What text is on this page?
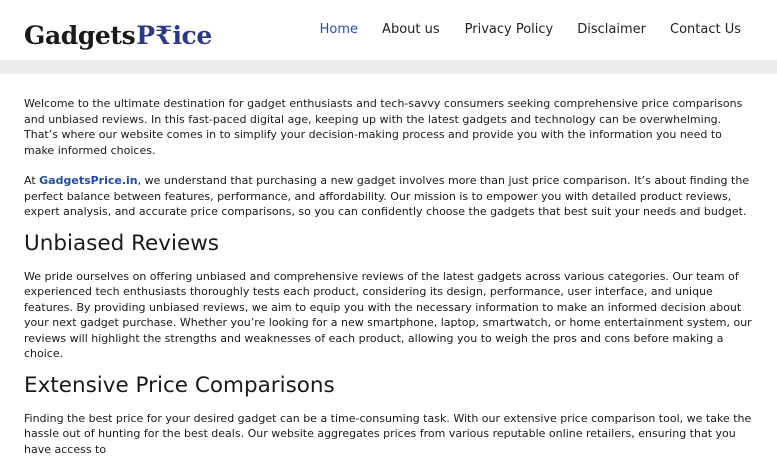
Gadgets P₹ ice	Home About us Privacy Policy Disclaimer Contact Us

Welcome to the ultimate destination for gadget enthusiasts and tech-savvy consumers seeking comprehensive price comparisons and unbiased reviews. In this fast-paced digital age, keeping up with the latest gadgets and technology can be overwhelming. That’s where our website comes in to simplify your decision-making process and provide you with the information you need to make informed choices.

At GadgetsPrice.in, we understand that purchasing a new gadget involves more than just price comparison. It’s about finding the perfect balance between features, performance, and affordability. Our mission is to empower you with detailed product reviews, expert analysis, and accurate price comparisons, so you can confidently choose the gadgets that best suit your needs and budget.

Unbiased Reviews

We pride ourselves on offering unbiased and comprehensive reviews of the latest gadgets across various categories. Our team of experienced tech enthusiasts thoroughly tests each product, considering its design, performance, user interface, and unique features. By providing unbiased reviews, we aim to equip you with the necessary information to make an informed decision about your next gadget purchase. Whether you’re looking for a new smartphone, laptop, smartwatch, or home entertainment system, our reviews will highlight the strengths and weaknesses of each product, allowing you to weigh the pros and cons before making a choice.

Extensive Price Comparisons

Finding the best price for your desired gadget can be a time-consuming task. With our extensive price comparison tool, we take the hassle out of hunting for the best deals. Our website aggregates prices from various reputable online retailers, ensuring that you have access to
